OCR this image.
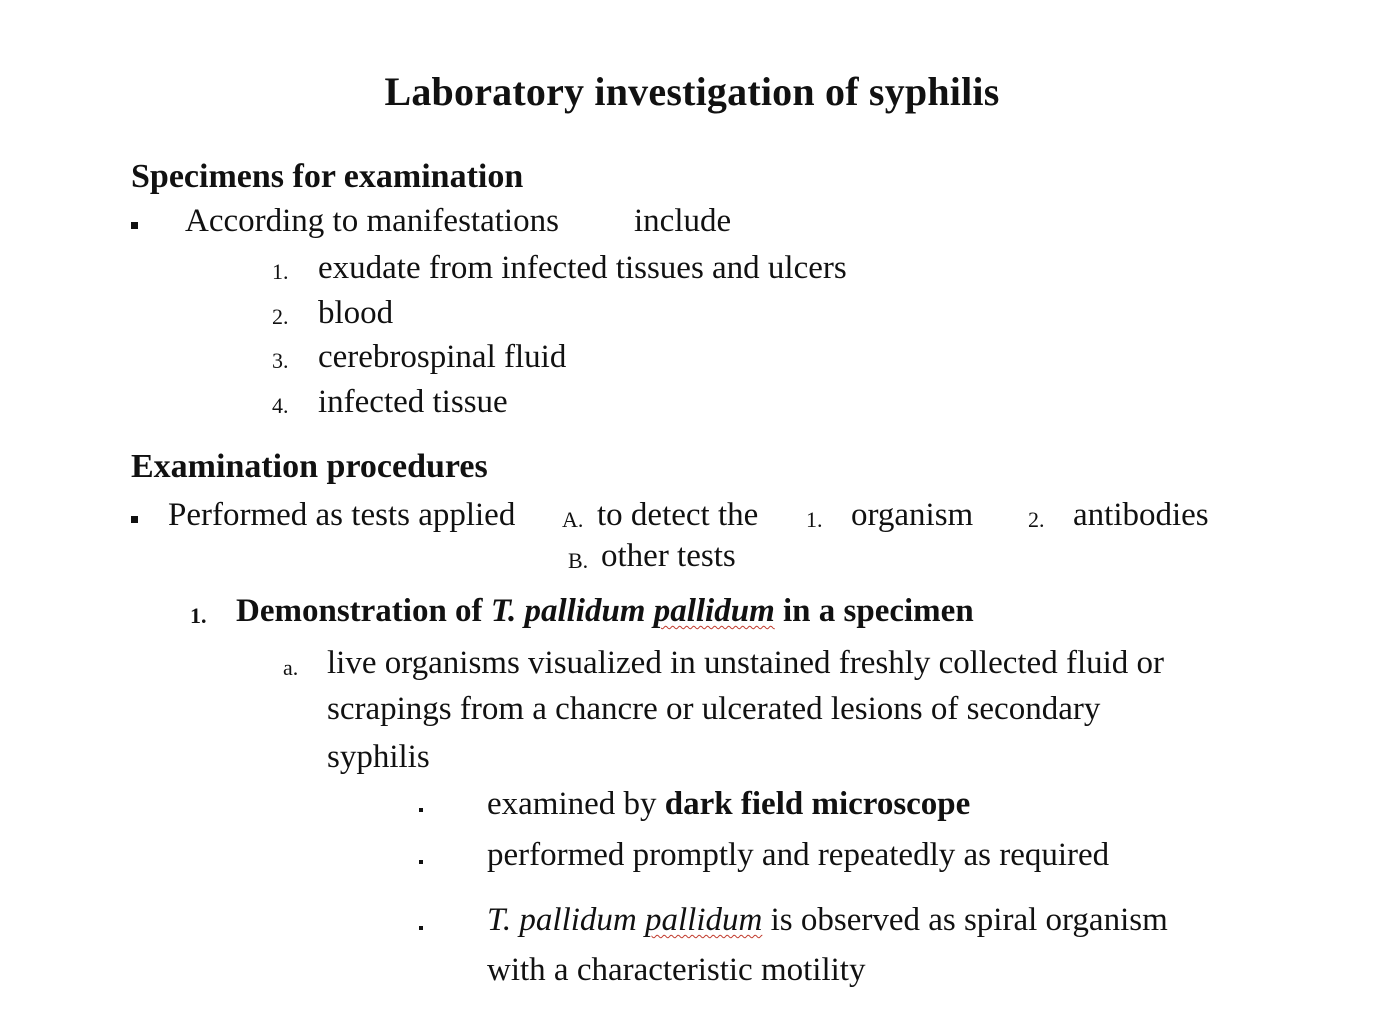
Laboratory investigation of syphilis
Specimens for examination
According to manifestations include
1. exudate from infected tissues and ulcers
2. blood
3. cerebrospinal fluid
4. infected tissue
Examination procedures
Performed as tests applied A. to detect the 1. organism 2. antibodies
B. other tests
1. Demonstration of T. pallidum pallidum in a specimen
a. live organisms visualized in unstained freshly collected fluid or
scrapings from a chancre or ulcerated lesions of secondary
syphilis
examined by dark field microscope
performed promptly and repeatedly as required
T. pallidum pallidum is observed as spiral organism
with a characteristic motility
